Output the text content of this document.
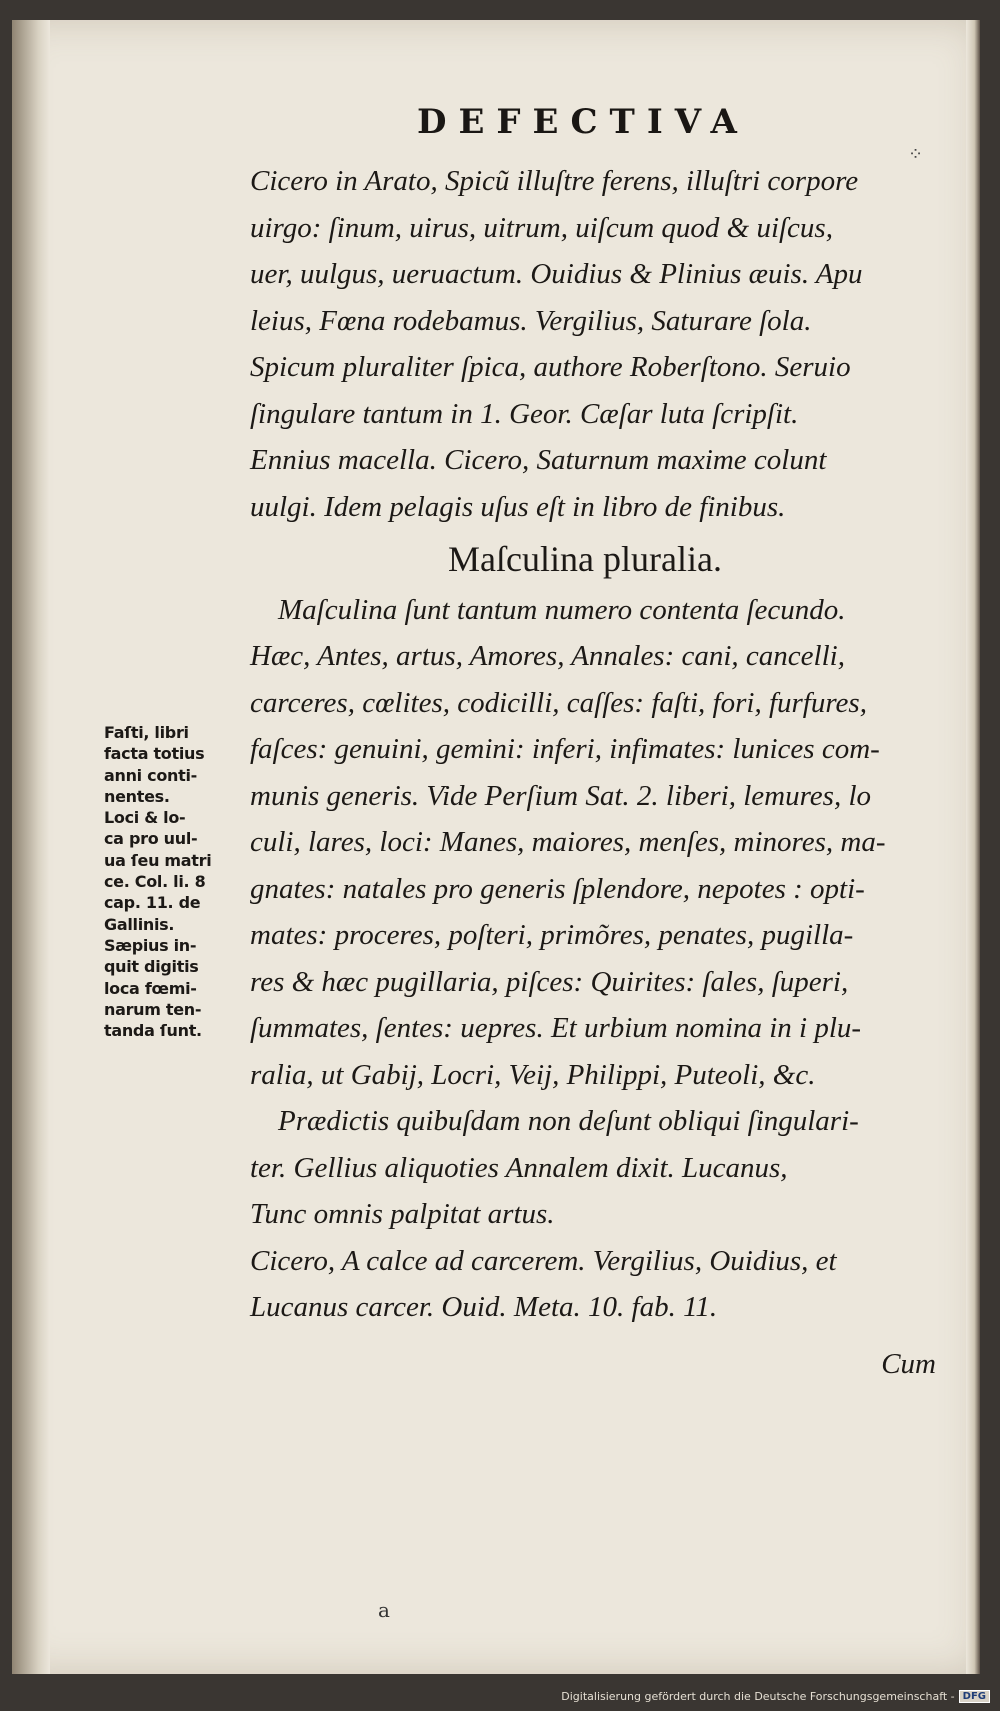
DEFECTIVA
⁘
Cicero in Arato, Spicũ illuſtre ferens, illuſtri corpore
uirgo: ſinum, uirus, uitrum, uiſcum quod & uiſcus,
uer, uulgus, ueruactum. Ouidius & Plinius æuis. Apu
leius, Fœna rodebamus. Vergilius, Saturare ſola.
Spicum pluraliter ſpica, authore Roberſtono. Seruio
ſingulare tantum in 1. Geor. Cæſar luta ſcripſit.
Ennius macella. Cicero, Saturnum maxime colunt
uulgi. Idem pelagis uſus eſt in libro de finibus.
Maſculina pluralia.
Maſculina ſunt tantum numero contenta ſecundo.
Hæc, Antes, artus, Amores, Annales: cani, cancelli,
carceres, cœlites, codicilli, caſſes: faſti, fori, furfures,
faſces: genuini, gemini: inferi, infimates: lunices com-
munis generis. Vide Perſium Sat. 2. liberi, lemures, lo
culi, lares, loci: Manes, maiores, menſes, minores, ma-
gnates: natales pro generis ſplendore, nepotes : opti-
mates: proceres, poſteri, primõres, penates, pugilla-
res & hæc pugillaria, piſces: Quirites: ſales, ſuperi,
ſummates, ſentes: uepres. Et urbium nomina in i plu-
ralia, ut Gabij, Locri, Veij, Philippi, Puteoli, &c.
Prædictis quibuſdam non deſunt obliqui ſingulari-
ter. Gellius aliquoties Annalem dixit. Lucanus,
Tunc omnis palpitat artus.
Cicero, A calce ad carcerem. Vergilius, Ouidius, et
Lucanus carcer. Ouid. Meta. 10. fab. 11.
Cum
Faſti, libri
facta totius
anni conti-
nentes.
Loci & lo-
ca pro uul-
ua ſeu matri
ce. Col. li. 8
cap. 11. de
Gallinis.
Sæpius in-
quit digitis
loca fœmi-
narum ten-
tanda ſunt.
a
Digitalisierung gefördert durch die Deutsche Forschungsgemeinschaft - DFG
